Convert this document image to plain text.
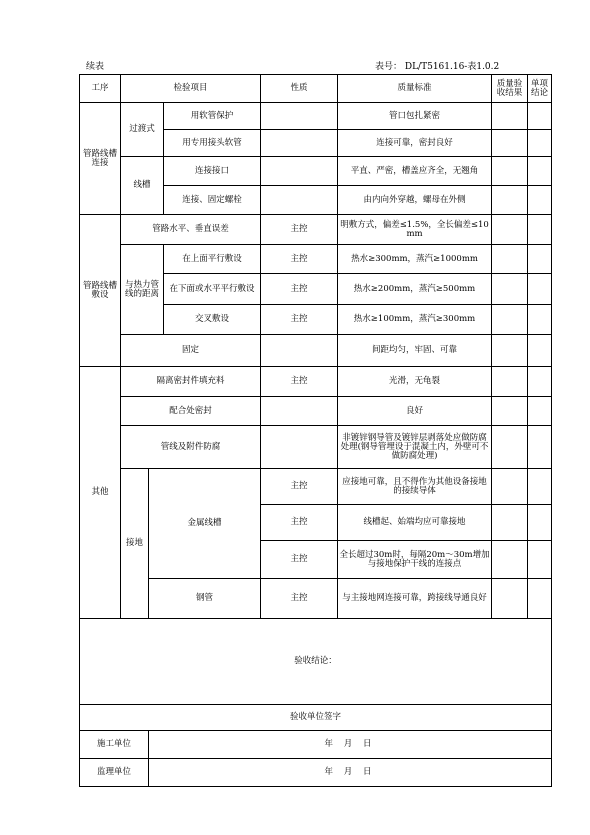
续表	表号： DL/T5161.16-表1.0.2
工序	检验项目			性质	质量标准	质量验收结果	单项结论
管路线槽连接	过渡式		用软管保护		管口包扎紧密		
			用专用接头软管		连接可靠，密封良好		
	线槽		连接接口		平直、严密，槽盖应齐全，无翘角		
			连接、固定螺栓		由内向外穿越，螺母在外侧		
管路线槽敷设	管路水平、垂直误差			主控	明敷方式，偏差≤1.5%，全长偏差≤10mm		
	与热力管线的距离		在上面平行敷设	主控	热水≥300mm，蒸汽≥1000mm		
			在下面或水平平行敷设	主控	热水≥200mm，蒸汽≥500mm		
			交叉敷设	主控	热水≥100mm，蒸汽≥300mm		
	固定				间距均匀，牢固、可靠		
其他	隔离密封件填充料			主控	光滑，无龟裂		
	配合处密封				良好		
	管线及附件防腐				非镀锌钢导管及镀锌层剥落处应做防腐处理(钢导管埋设于混凝土内，外壁可不做防腐处理)		
	接地	金属线槽		主控	应接地可靠，且不得作为其他设备接地的接续导体		
				主控	线槽起、始端均应可靠接地		
				主控	全长超过30m时，每隔20m～30m增加与接地保护干线的连接点		
		钢管		主控	与主接地网连接可靠，跨接线导通良好		
验收结论：							
验收单位签字							
施工单位		年 月 日					
监理单位		年 月 日					
